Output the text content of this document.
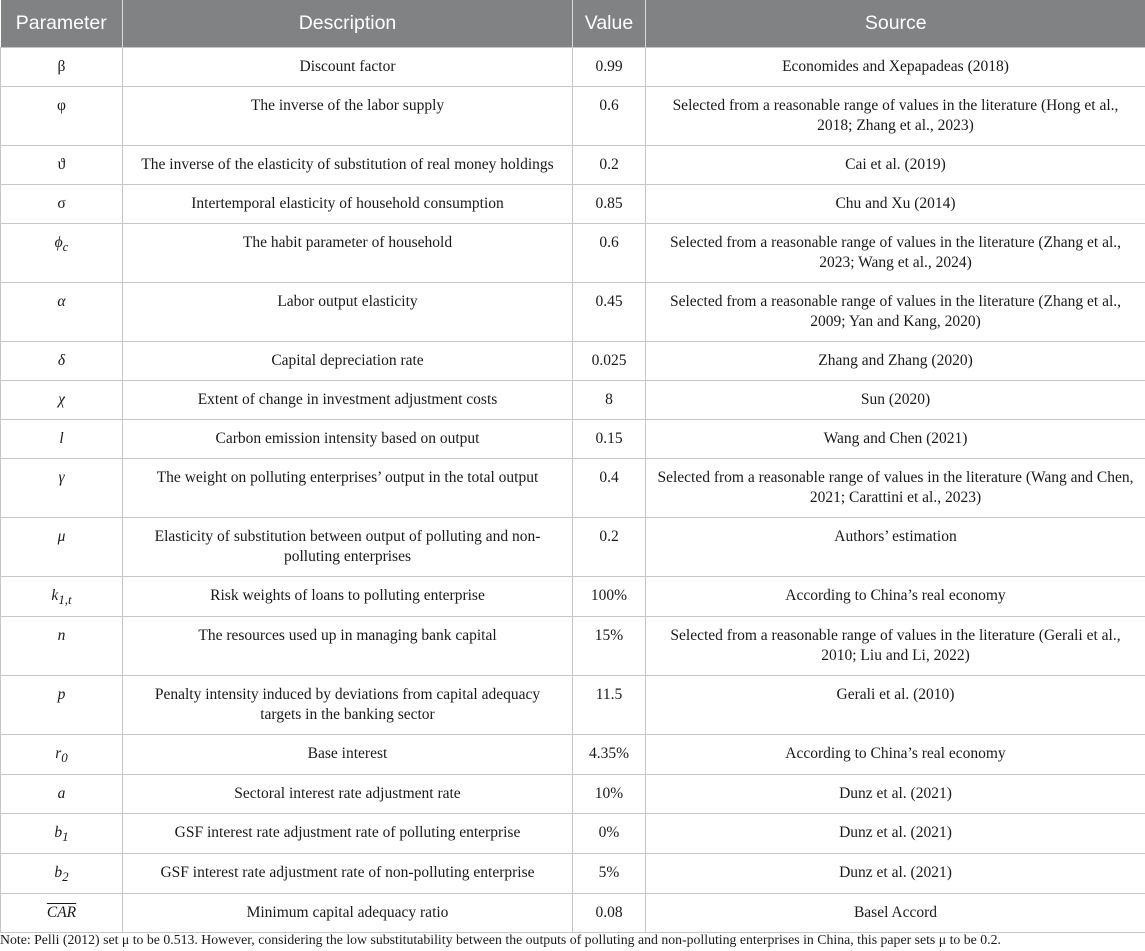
Parameter	Description	Value	Source
β	Discount factor	0.99	Economides and Xepapadeas (2018)
φ	The inverse of the labor supply	0.6	Selected from a reasonable range of values in the literature (Hong et al., 2018; Zhang et al., 2023)
ϑ	The inverse of the elasticity of substitution of real money holdings	0.2	Cai et al. (2019)
σ	Intertemporal elasticity of household consumption	0.85	Chu and Xu (2014)
$\phi_c$	The habit parameter of household	0.6	Selected from a reasonable range of values in the literature (Zhang et al., 2023; Wang et al., 2024)
α	Labor output elasticity	0.45	Selected from a reasonable range of values in the literature (Zhang et al., 2009; Yan and Kang, 2020)
δ	Capital depreciation rate	0.025	Zhang and Zhang (2020)
χ	Extent of change in investment adjustment costs	8	Sun (2020)
l	Carbon emission intensity based on output	0.15	Wang and Chen (2021)
γ	The weight on polluting enterprises’ output in the total output	0.4	Selected from a reasonable range of values in the literature (Wang and Chen, 2021; Carattini et al., 2023)
μ	Elasticity of substitution between output of polluting and non-polluting enterprises	0.2	Authors’ estimation
$k_{1,t}$	Risk weights of loans to polluting enterprise	100%	According to China’s real economy
n	The resources used up in managing bank capital	15%	Selected from a reasonable range of values in the literature (Gerali et al., 2010; Liu and Li, 2022)
p	Penalty intensity induced by deviations from capital adequacy targets in the banking sector	11.5	Gerali et al. (2010)
$r_0$	Base interest	4.35%	According to China’s real economy
a	Sectoral interest rate adjustment rate	10%	Dunz et al. (2021)
$b_1$	GSF interest rate adjustment rate of polluting enterprise	0%	Dunz et al. (2021)
$b_2$	GSF interest rate adjustment rate of non-polluting enterprise	5%	Dunz et al. (2021)
$\overline{CAR}$	Minimum capital adequacy ratio	0.08	Basel Accord
Note: Pelli (2012) set μ to be 0.513. However, considering the low substitutability between the outputs of polluting and non-polluting enterprises in China, this paper sets μ to be 0.2.
